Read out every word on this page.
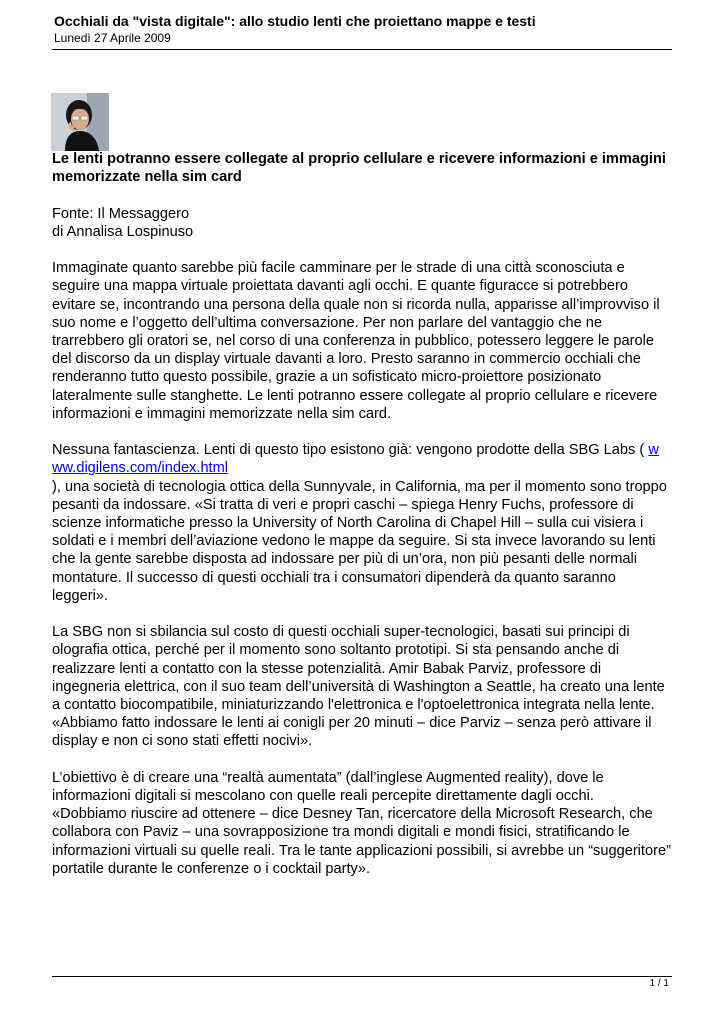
Occhiali da "vista digitale": allo studio lenti che proiettano mappe e testi
Lunedì 27 Aprile 2009

Le lenti potranno essere collegate al proprio cellulare e ricevere informazioni e immagini
memorizzate nella sim card

Fonte: Il Messaggero
di Annalisa Lospinuso

Immaginate quanto sarebbe più facile camminare per le strade di una città sconosciuta e
seguire una mappa virtuale proiettata davanti agli occhi. E quante figuracce si potrebbero
evitare se, incontrando una persona della quale non si ricorda nulla, apparisse all’improvviso il
suo nome e l’oggetto dell’ultima conversazione. Per non parlare del vantaggio che ne
trarrebbero gli oratori se, nel corso di una conferenza in pubblico, potessero leggere le parole
del discorso da un display virtuale davanti a loro. Presto saranno in commercio occhiali che
renderanno tutto questo possibile, grazie a un sofisticato micro-proiettore posizionato
lateralmente sulle stanghette. Le lenti potranno essere collegate al proprio cellulare e ricevere
informazioni e immagini memorizzate nella sim card.

Nessuna fantascienza. Lenti di questo tipo esistono già: vengono prodotte della SBG Labs ( w
ww.digilens.com/index.html
), una società di tecnologia ottica della Sunnyvale, in California, ma per il momento sono troppo
pesanti da indossare. «Si tratta di veri e propri caschi – spiega Henry Fuchs, professore di
scienze informatiche presso la University of North Carolina di Chapel Hill – sulla cui visiera i
soldati e i membri dell’aviazione vedono le mappe da seguire. Si sta invece lavorando su lenti
che la gente sarebbe disposta ad indossare per più di un’ora, non più pesanti delle normali
montature. Il successo di questi occhiali tra i consumatori dipenderà da quanto saranno
leggeri».

La SBG non si sbilancia sul costo di questi occhiali super-tecnologici, basati sui principi di
olografia ottica, perché per il momento sono soltanto prototipi. Si sta pensando anche di
realizzare lenti a contatto con la stesse potenzialità. Amir Babak Parviz, professore di
ingegneria elettrica, con il suo team dell’università di Washington a Seattle, ha creato una lente
a contatto biocompatibile, miniaturizzando l'elettronica e l'optoelettronica integrata nella lente.
«Abbiamo fatto indossare le lenti ai conigli per 20 minuti – dice Parviz – senza però attivare il
display e non ci sono stati effetti nocivi».

L’obiettivo è di creare una “realtà aumentata” (dall’inglese Augmented reality), dove le
informazioni digitali si mescolano con quelle reali percepite direttamente dagli occhi.
«Dobbiamo riuscire ad ottenere – dice Desney Tan, ricercatore della Microsoft Research, che
collabora con Paviz – una sovrapposizione tra mondi digitali e mondi fisici, stratificando le
informazioni virtuali su quelle reali. Tra le tante applicazioni possibili, si avrebbe un “suggeritore”
portatile durante le conferenze o i cocktail party».

1 / 1
